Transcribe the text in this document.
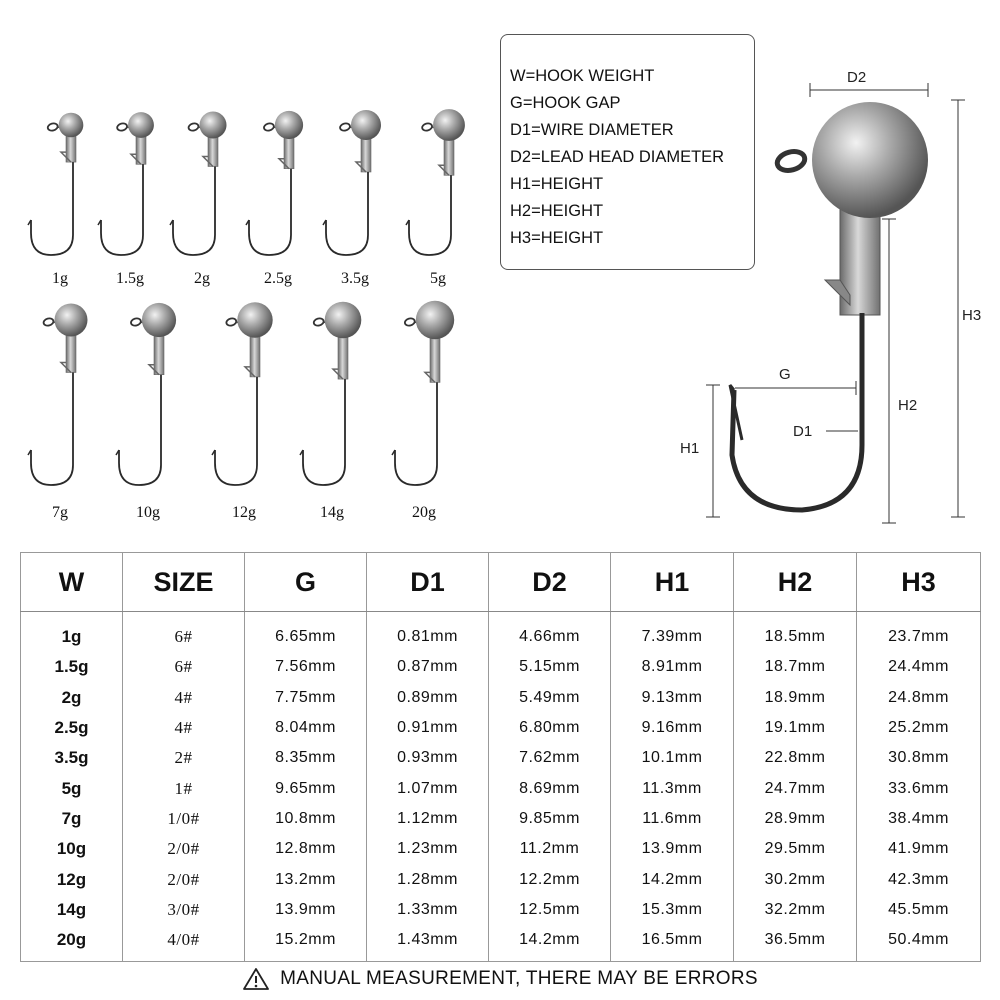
1g	1.5g	2g	2.5g	3.5g	5g
7g	10g	12g	14g	20g
W=HOOK WEIGHT
G=HOOK GAP
D1=WIRE DIAMETER
D2=LEAD HEAD DIAMETER
H1=HEIGHT
H2=HEIGHT
H3=HEIGHT
D2
H3
H2
G
D1
H1
W	SIZE	G	D1	D2	H1	H2	H3
1g	6#	6.65mm	0.81mm	4.66mm	7.39mm	18.5mm	23.7mm
1.5g	6#	7.56mm	0.87mm	5.15mm	8.91mm	18.7mm	24.4mm
2g	4#	7.75mm	0.89mm	5.49mm	9.13mm	18.9mm	24.8mm
2.5g	4#	8.04mm	0.91mm	6.80mm	9.16mm	19.1mm	25.2mm
3.5g	2#	8.35mm	0.93mm	7.62mm	10.1mm	22.8mm	30.8mm
5g	1#	9.65mm	1.07mm	8.69mm	11.3mm	24.7mm	33.6mm
7g	1/0#	10.8mm	1.12mm	9.85mm	11.6mm	28.9mm	38.4mm
10g	2/0#	12.8mm	1.23mm	11.2mm	13.9mm	29.5mm	41.9mm
12g	2/0#	13.2mm	1.28mm	12.2mm	14.2mm	30.2mm	42.3mm
14g	3/0#	13.9mm	1.33mm	12.5mm	15.3mm	32.2mm	45.5mm
20g	4/0#	15.2mm	1.43mm	14.2mm	16.5mm	36.5mm	50.4mm
MANUAL MEASUREMENT, THERE MAY BE ERRORS
